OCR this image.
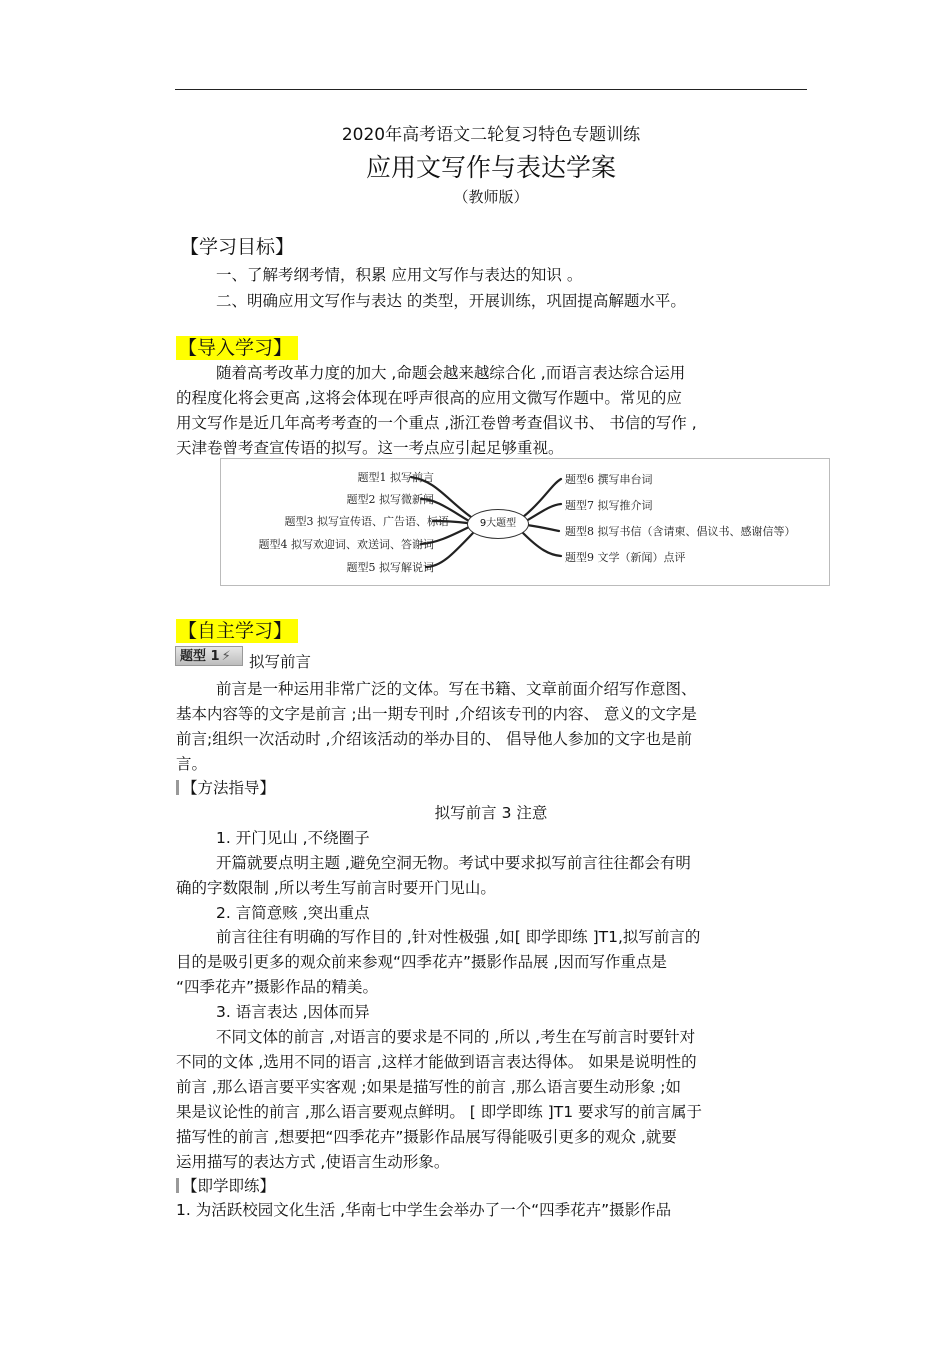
2020年高考语文二轮复习特色专题训练
应用文写作与表达学案
（教师版）
【学习目标】
一、了解考纲考情，积累 应用文写作与表达的知识 。
二、明确应用文写作与表达 的类型，开展训练，巩固提高解题水平。
【导入学习】
随着高考改革力度的加大 ,命题会越来越综合化 ,而语言表达综合运用
的程度化将会更高 ,这将会体现在呼声很高的应用文微写作题中。常见的应
用文写作是近几年高考考查的一个重点 ,浙江卷曾考查倡议书、 书信的写作 ,
天津卷曾考查宣传语的拟写。这一考点应引起足够重视。
9大题型
题型1 拟写前言
题型2 拟写微新闻
题型3 拟写宣传语、广告语、标语
题型4 拟写欢迎词、欢送词、答谢词
题型5 拟写解说词
题型6 撰写串台词
题型7 拟写推介词
题型8 拟写书信（含请柬、倡议书、感谢信等）
题型9 文学（新闻）点评
【自主学习】
题型 1 ⚡	拟写前言
前言是一种运用非常广泛的文体。写在书籍、文章前面介绍写作意图、
基本内容等的文字是前言 ;出一期专刊时 ,介绍该专刊的内容、 意义的文字是
前言;组织一次活动时 ,介绍该活动的举办目的、 倡导他人参加的文字也是前
言。
【方法指导】
拟写前言 3 注意
1. 开门见山 ,不绕圈子
开篇就要点明主题 ,避免空洞无物。考试中要求拟写前言往往都会有明
确的字数限制 ,所以考生写前言时要开门见山。
2. 言简意赅 ,突出重点
前言往往有明确的写作目的 ,针对性极强 ,如[ 即学即练 ]T1,拟写前言的
目的是吸引更多的观众前来参观“四季花卉”摄影作品展 ,因而写作重点是
“四季花卉”摄影作品的精美。
3. 语言表达 ,因体而异
不同文体的前言 ,对语言的要求是不同的 ,所以 ,考生在写前言时要针对
不同的文体 ,选用不同的语言 ,这样才能做到语言表达得体。 如果是说明性的
前言 ,那么语言要平实客观 ;如果是描写性的前言 ,那么语言要生动形象 ;如
果是议论性的前言 ,那么语言要观点鲜明。 [ 即学即练 ]T1 要求写的前言属于
描写性的前言 ,想要把“四季花卉”摄影作品展写得能吸引更多的观众 ,就要
运用描写的表达方式 ,使语言生动形象。
【即学即练】
1. 为活跃校园文化生活 ,华南七中学生会举办了一个“四季花卉”摄影作品
